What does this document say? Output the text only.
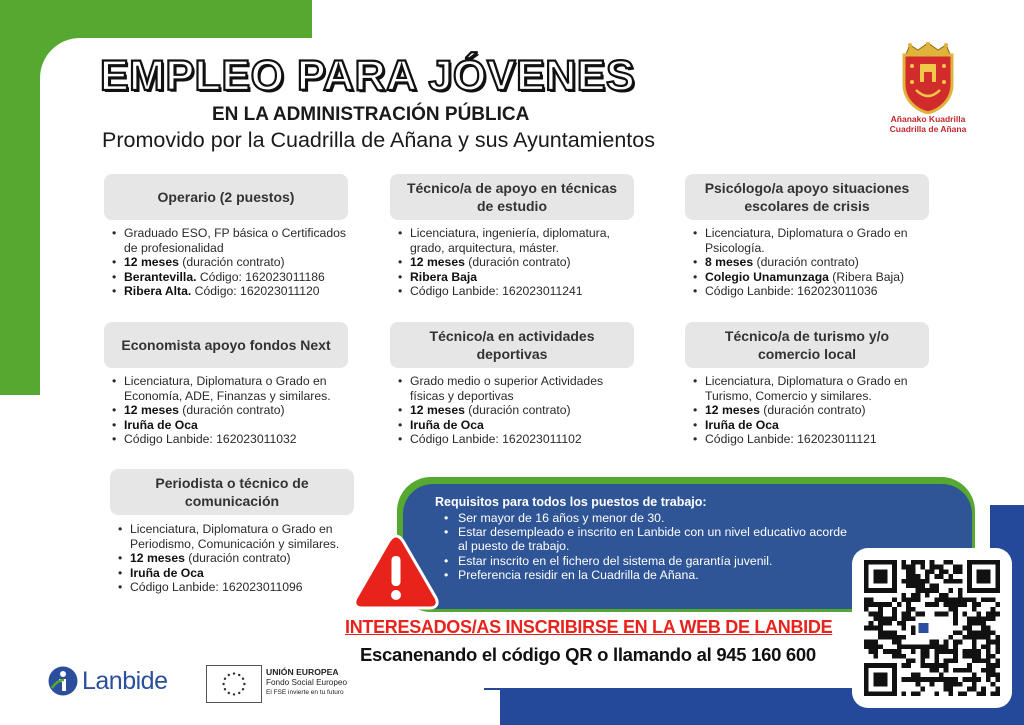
EMPLEO PARA JÓVENES
EN LA ADMINISTRACIÓN PÚBLICA
Promovido por la Cuadrilla de Añana y sus Ayuntamientos
Añanako Kuadrilla
Cuadrilla de Añana
Operario (2 puestos)
• Graduado ESO, FP básica o Certificados de profesionalidad
• 12 meses (duración contrato)
• Berantevilla. Código: 162023011186
• Ribera Alta. Código: 162023011120
Técnico/a de apoyo en técnicas de estudio
• Licenciatura, ingeniería, diplomatura, grado, arquitectura, máster.
• 12 meses (duración contrato)
• Ribera Baja
• Código Lanbide: 162023011241
Psicólogo/a apoyo situaciones escolares de crisis
• Licenciatura, Diplomatura o Grado en Psicología.
• 8 meses (duración contrato)
• Colegio Unamunzaga (Ribera Baja)
• Código Lanbide: 162023011036
Economista apoyo fondos Next
• Licenciatura, Diplomatura o Grado en Economía, ADE, Finanzas y similares.
• 12 meses (duración contrato)
• Iruña de Oca
• Código Lanbide: 162023011032
Técnico/a en actividades deportivas
• Grado medio o superior Actividades físicas y deportivas
• 12 meses (duración contrato)
• Iruña de Oca
• Código Lanbide: 162023011102
Técnico/a de turismo y/o comercio local
• Licenciatura, Diplomatura o Grado en Turismo, Comercio y similares.
• 12 meses (duración contrato)
• Iruña de Oca
• Código Lanbide: 162023011121
Periodista o técnico de comunicación
• Licenciatura, Diplomatura o Grado en Periodismo, Comunicación y similares.
• 12 meses (duración contrato)
• Iruña de Oca
• Código Lanbide: 162023011096
Requisitos para todos los puestos de trabajo:
• Ser mayor de 16 años y menor de 30.
• Estar desempleado e inscrito en Lanbide con un nivel educativo acorde al puesto de trabajo.
• Estar inscrito en el fichero del sistema de garantía juvenil.
• Preferencia residir en la Cuadrilla de Añana.
INTERESADOS/AS INSCRIBIRSE EN LA WEB DE LANBIDE
Escanenando el código QR o llamando al 945 160 600
Lanbide	UNIÓN EUROPEA
Fondo Social Europeo
El FSE invierte en tu futuro
